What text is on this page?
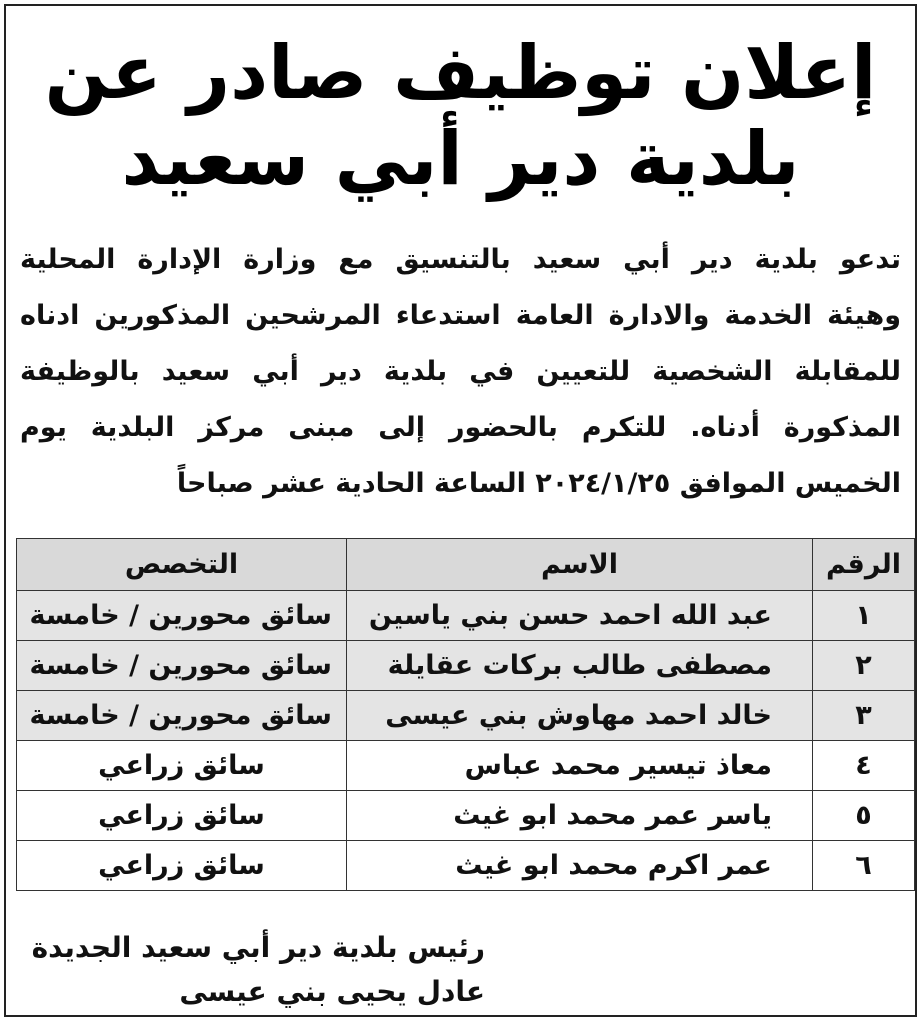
إعلان توظيف صادر عن
بلدية دير أبي سعيد
تدعو بلدية دير أبي سعيد بالتنسيق مع وزارة الإدارة المحلية
وهيئة الخدمة والادارة العامة استدعاء المرشحين المذكورين ادناه
للمقابلة الشخصية للتعيين في بلدية دير أبي سعيد بالوظيفة
المذكورة أدناه. للتكرم بالحضور إلى مبنى مركز البلدية يوم
الخميس الموافق ٢٠٢٤/١/٢٥ الساعة الحادية عشر صباحاً
الرقم	الاسم	التخصص
١	عبد الله احمد حسن بني ياسين	سائق محورين / خامسة
٢	مصطفى طالب بركات عقايلة	سائق محورين / خامسة
٣	خالد احمد مهاوش بني عيسى	سائق محورين / خامسة
٤	معاذ تيسير محمد عباس	سائق زراعي
٥	ياسر عمر محمد ابو غيث	سائق زراعي
٦	عمر اكرم محمد ابو غيث	سائق زراعي
رئيس بلدية دير أبي سعيد الجديدة
عادل يحيى بني عيسى
